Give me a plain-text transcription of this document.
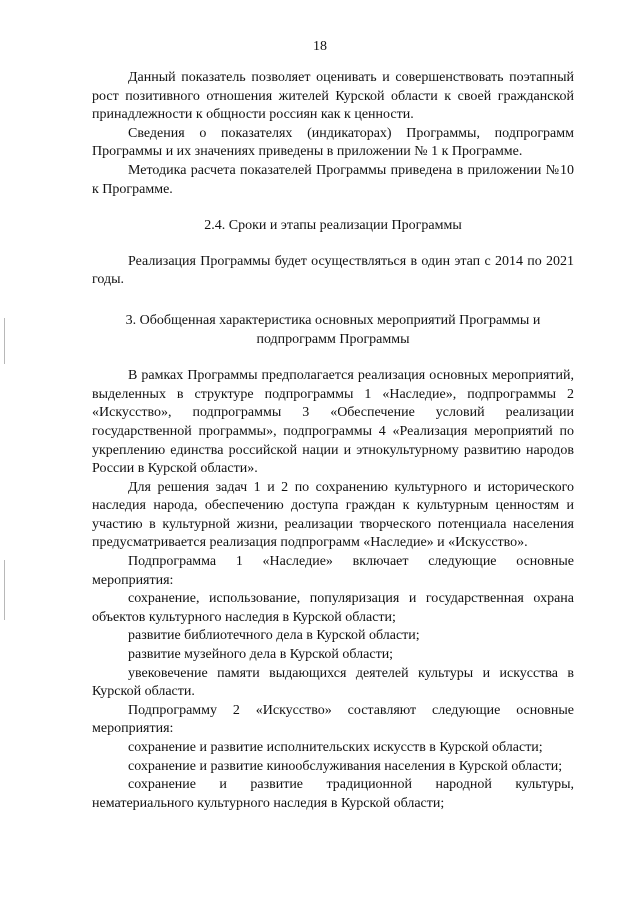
18

Данный показатель позволяет оценивать и совершенствовать поэтапный рост позитивного отношения жителей Курской области к своей гражданской принадлежности к общности россиян как к ценности.

Сведения о показателях (индикаторах) Программы, подпрограмм Программы и их значениях приведены в приложении № 1 к Программе.

Методика расчета показателей Программы приведена в приложении №10 к Программе.

2.4. Сроки и этапы реализации Программы

Реализация Программы будет осуществляться в один этап с 2014 по 2021 годы.

3. Обобщенная характеристика основных мероприятий Программы и
подпрограмм Программы

В рамках Программы предполагается реализация основных мероприятий, выделенных в структуре подпрограммы 1 «Наследие», подпрограммы 2 «Искусство», подпрограммы 3 «Обеспечение условий реализации государственной программы», подпрограммы 4 «Реализация мероприятий по укреплению единства российской нации и этнокультурному развитию народов России в Курской области».

Для решения задач 1 и 2 по сохранению культурного и исторического наследия народа, обеспечению доступа граждан к культурным ценностям и участию в культурной жизни, реализации творческого потенциала населения предусматривается реализация подпрограмм «Наследие» и «Искусство».

Подпрограмма 1 «Наследие» включает следующие основные мероприятия:

сохранение, использование, популяризация и государственная охрана объектов культурного наследия в Курской области;

развитие библиотечного дела в Курской области;

развитие музейного дела в Курской области;

увековечение памяти выдающихся деятелей культуры и искусства в Курской области.

Подпрограмму 2 «Искусство» составляют следующие основные мероприятия:

сохранение и развитие исполнительских искусств в Курской области;

сохранение и развитие кинообслуживания населения в Курской области;

сохранение и развитие традиционной народной культуры, нематериального культурного наследия в Курской области;
